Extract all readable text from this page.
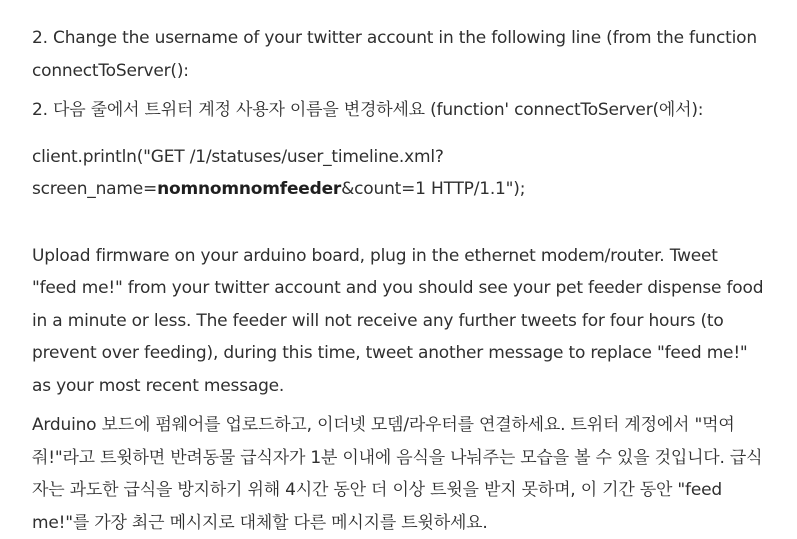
2. Change the username of your twitter account in the following line (from the function connectToServer():

2. 다음 줄에서 트위터 계정 사용자 이름을 변경하세요 (function' connectToServer(에서):

client.println("GET /1/statuses/user_timeline.xml?
screen_name=nomnomnomfeeder&count=1 HTTP/1.1");

Upload firmware on your arduino board, plug in the ethernet modem/router. Tweet "feed me!" from your twitter account and you should see your pet feeder dispense food in a minute or less. The feeder will not receive any further tweets for four hours (to prevent over feeding), during this time, tweet another message to replace "feed me!" as your most recent message.

Arduino 보드에 펌웨어를 업로드하고, 이더넷 모뎀/라우터를 연결하세요. 트위터 계정에서 "먹여줘!"라고 트윗하면 반려동물 급식자가 1분 이내에 음식을 나눠주는 모습을 볼 수 있을 것입니다. 급식자는 과도한 급식을 방지하기 위해 4시간 동안 더 이상 트윗을 받지 못하며, 이 기간 동안 "feed me!"를 가장 최근 메시지로 대체할 다른 메시지를 트윗하세요.
